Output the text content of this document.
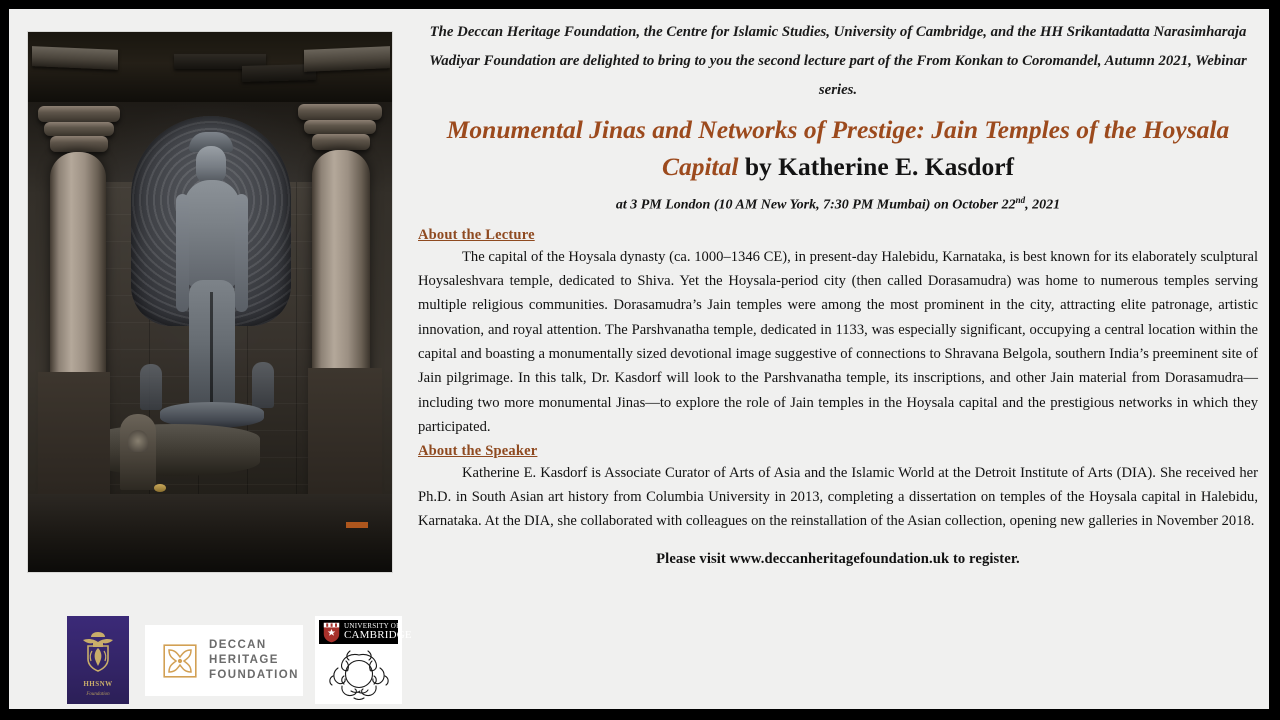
HHSNW
Foundation
DECCAN HERITAGE
FOUNDATION
UNIVERSITY OF
CAMBRIDGE

The Deccan Heritage Foundation, the Centre for Islamic Studies, University of Cambridge, and the HH Srikantadatta Narasimharaja Wadiyar Foundation are delighted to bring to you the second lecture part of the From Konkan to Coromandel, Autumn 2021, Webinar series.

Monumental Jinas and Networks of Prestige: Jain Temples of the Hoysala Capital by Katherine E. Kasdorf

at 3 PM London (10 AM New York, 7:30 PM Mumbai) on October 22nd, 2021

About the Lecture

The capital of the Hoysala dynasty (ca. 1000–1346 CE), in present-day Halebidu, Karnataka, is best known for its elaborately sculptural Hoysaleshvara temple, dedicated to Shiva. Yet the Hoysala-period city (then called Dorasamudra) was home to numerous temples serving multiple religious communities. Dorasamudra’s Jain temples were among the most prominent in the city, attracting elite patronage, artistic innovation, and royal attention. The Parshvanatha temple, dedicated in 1133, was especially significant, occupying a central location within the capital and boasting a monumentally sized devotional image suggestive of connections to Shravana Belgola, southern India’s preeminent site of Jain pilgrimage. In this talk, Dr. Kasdorf will look to the Parshvanatha temple, its inscriptions, and other Jain material from Dorasamudra—including two more monumental Jinas—to explore the role of Jain temples in the Hoysala capital and the prestigious networks in which they participated.

About the Speaker

Katherine E. Kasdorf is Associate Curator of Arts of Asia and the Islamic World at the Detroit Institute of Arts (DIA). She received her Ph.D. in South Asian art history from Columbia University in 2013, completing a dissertation on temples of the Hoysala capital in Halebidu, Karnataka. At the DIA, she collaborated with colleagues on the reinstallation of the Asian collection, opening new galleries in November 2018.

Please visit www.deccanheritagefoundation.uk to register.
